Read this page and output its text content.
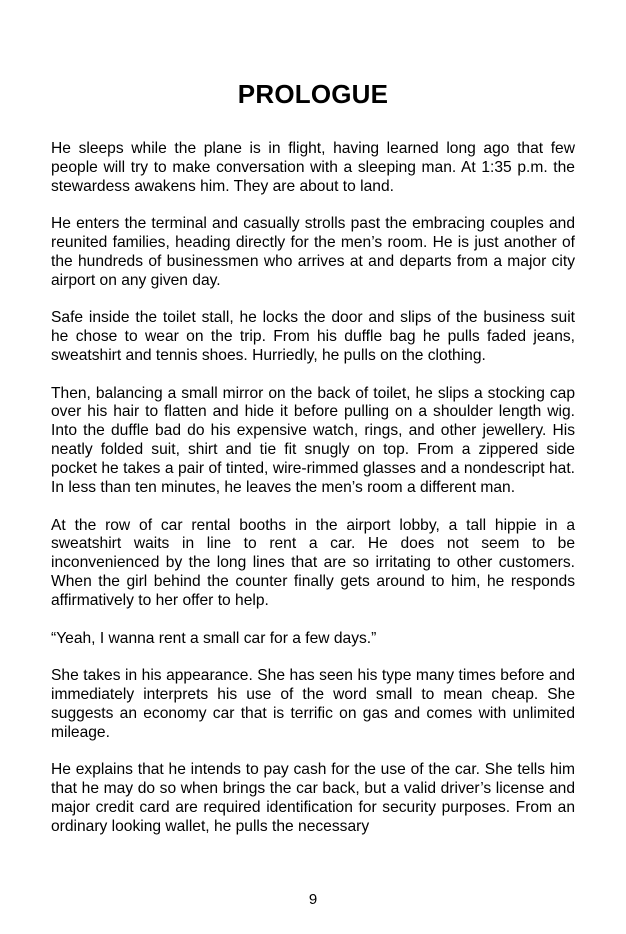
PROLOGUE

He sleeps while the plane is in flight, having learned long ago that few people will try to make conversation with a sleeping man. At 1:35 p.m. the stewardess awakens him. They are about to land.

He enters the terminal and casually strolls past the embracing couples and reunited families, heading directly for the men’s room. He is just another of the hundreds of businessmen who arrives at and departs from a major city airport on any given day.

Safe inside the toilet stall, he locks the door and slips of the business suit he chose to wear on the trip. From his duffle bag he pulls faded jeans, sweatshirt and tennis shoes. Hurriedly, he pulls on the clothing.

Then, balancing a small mirror on the back of toilet, he slips a stocking cap over his hair to flatten and hide it before pulling on a shoulder length wig. Into the duffle bad do his expensive watch, rings, and other jewellery. His neatly folded suit, shirt and tie fit snugly on top. From a zippered side pocket he takes a pair of tinted, wire-rimmed glasses and a nondescript hat. In less than ten minutes, he leaves the men’s room a different man.

At the row of car rental booths in the airport lobby, a tall hippie in a sweatshirt waits in line to rent a car. He does not seem to be inconvenienced by the long lines that are so irritating to other customers. When the girl behind the counter finally gets around to him, he responds affirmatively to her offer to help.

“Yeah, I wanna rent a small car for a few days.”

She takes in his appearance. She has seen his type many times before and immediately interprets his use of the word small to mean cheap. She suggests an economy car that is terrific on gas and comes with unlimited mileage.

He explains that he intends to pay cash for the use of the car. She tells him that he may do so when brings the car back, but a valid driver’s license and major credit card are required identification for security purposes. From an ordinary looking wallet, he pulls the necessary

9
